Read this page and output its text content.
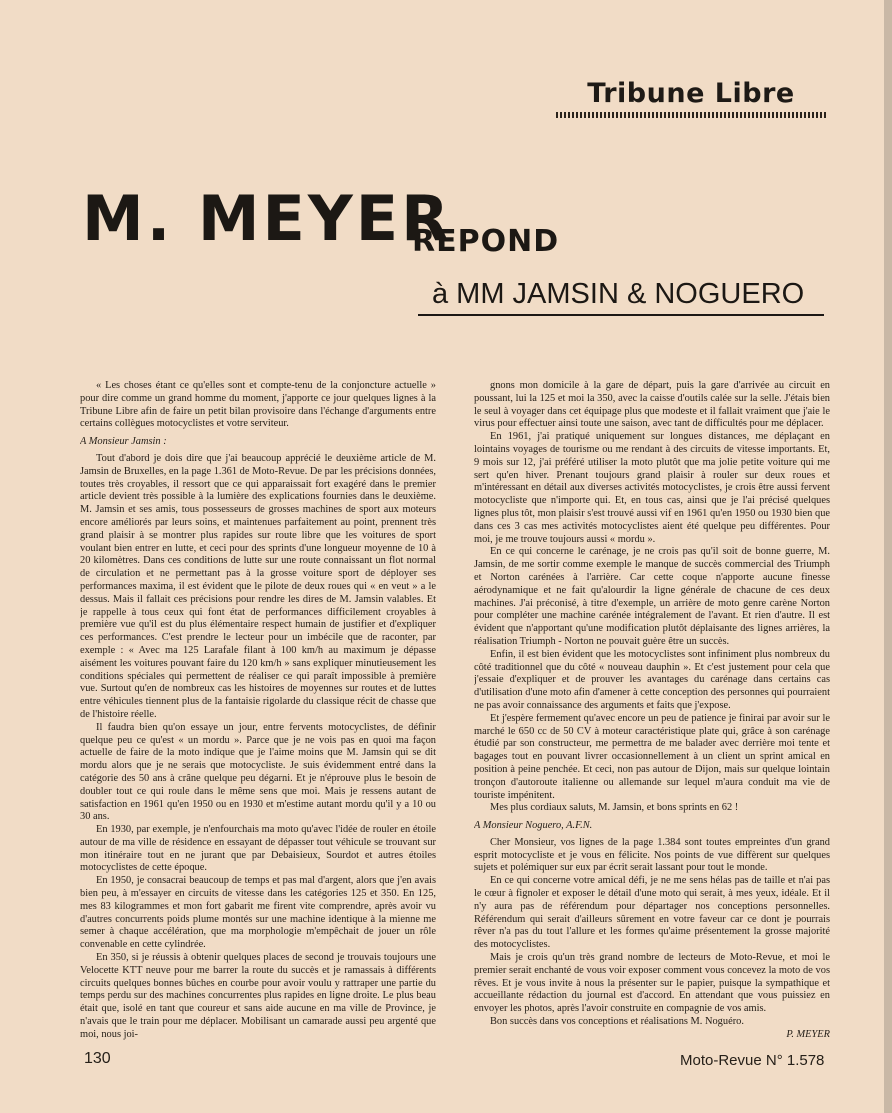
Tribune Libre
M. MEYER
REPOND
à MM JAMSIN & NOGUERO

« Les choses étant ce qu'elles sont et compte-tenu de la conjoncture actuelle » pour dire comme un grand homme du moment, j'apporte ce jour quelques lignes à la Tribune Libre afin de faire un petit bilan provisoire dans l'échange d'arguments entre certains collègues motocyclistes et votre serviteur.

A Monsieur Jamsin :

Tout d'abord je dois dire que j'ai beaucoup apprécié le deuxième article de M. Jamsin de Bruxelles, en la page 1.361 de Moto-Revue. De par les précisions données, toutes très croyables, il ressort que ce qui apparaissait fort exagéré dans le premier article devient très possible à la lumière des explications fournies dans le deuxième. M. Jamsin et ses amis, tous possesseurs de grosses machines de sport aux moteurs encore améliorés par leurs soins, et maintenues parfaitement au point, prennent très grand plaisir à se montrer plus rapides sur route libre que les voitures de sport voulant bien entrer en lutte, et ceci pour des sprints d'une longueur moyenne de 10 à 20 kilomètres. Dans ces conditions de lutte sur une route connaissant un flot normal de circulation et ne permettant pas à la grosse voiture sport de déployer ses performances maxima, il est évident que le pilote de deux roues qui « en veut » a le dessus. Mais il fallait ces précisions pour rendre les dires de M. Jamsin valables. Et je rappelle à tous ceux qui font état de performances difficilement croyables à première vue qu'il est du plus élémentaire respect humain de justifier et d'expliquer ces performances. C'est prendre le lecteur pour un imbécile que de raconter, par exemple : « Avec ma 125 Larafale filant à 100 km/h au maximum je dépasse aisément les voitures pouvant faire du 120 km/h » sans expliquer minutieusement les conditions spéciales qui permettent de réaliser ce qui paraît impossible à première vue. Surtout qu'en de nombreux cas les histoires de moyennes sur routes et de luttes entre véhicules tiennent plus de la fantaisie rigolarde du classique récit de chasse que de l'histoire réelle.

Il faudra bien qu'on essaye un jour, entre fervents motocyclistes, de définir quelque peu ce qu'est « un mordu ». Parce que je ne vois pas en quoi ma façon actuelle de faire de la moto indique que je l'aime moins que M. Jamsin qui se dit mordu alors que je ne serais que motocycliste. Je suis évidemment entré dans la catégorie des 50 ans à crâne quelque peu dégarni. Et je n'éprouve plus le besoin de doubler tout ce qui roule dans le même sens que moi. Mais je ressens autant de satisfaction en 1961 qu'en 1950 ou en 1930 et m'estime autant mordu qu'il y a 10 ou 30 ans.

En 1930, par exemple, je n'enfourchais ma moto qu'avec l'idée de rouler en étoile autour de ma ville de résidence en essayant de dépasser tout véhicule se trouvant sur mon itinéraire tout en ne jurant que par Debaisieux, Sourdot et autres étoiles motocyclistes de cette époque.

En 1950, je consacrai beaucoup de temps et pas mal d'argent, alors que j'en avais bien peu, à m'essayer en circuits de vitesse dans les catégories 125 et 350. En 125, mes 83 kilogrammes et mon fort gabarit me firent vite comprendre, après avoir vu d'autres concurrents poids plume montés sur une machine identique à la mienne me semer à chaque accélération, que ma morphologie m'empêchait de jouer un rôle convenable en cette cylindrée.

En 350, si je réussis à obtenir quelques places de second je trouvais toujours une Velocette KTT neuve pour me barrer la route du succès et je ramassais à différents circuits quelques bonnes bûches en courbe pour avoir voulu y rattraper une partie du temps perdu sur des machines concurrentes plus rapides en ligne droite. Le plus beau était que, isolé en tant que coureur et sans aide aucune en ma ville de Province, je n'avais que le train pour me déplacer. Mobilisant un camarade aussi peu argenté que moi, nous joi-

gnons mon domicile à la gare de départ, puis la gare d'arrivée au circuit en poussant, lui la 125 et moi la 350, avec la caisse d'outils calée sur la selle. J'étais bien le seul à voyager dans cet équipage plus que modeste et il fallait vraiment que j'aie le virus pour effectuer ainsi toute une saison, avec tant de difficultés pour me déplacer.

En 1961, j'ai pratiqué uniquement sur longues distances, me déplaçant en lointains voyages de tourisme ou me rendant à des circuits de vitesse importants. Et, 9 mois sur 12, j'ai préféré utiliser la moto plutôt que ma jolie petite voiture qui me sert qu'en hiver. Prenant toujours grand plaisir à rouler sur deux roues et m'intéressant en détail aux diverses activités motocyclistes, je crois être aussi fervent motocycliste que n'importe qui. Et, en tous cas, ainsi que je l'ai précisé quelques lignes plus tôt, mon plaisir s'est trouvé aussi vif en 1961 qu'en 1950 ou 1930 bien que dans ces 3 cas mes activités motocyclistes aient été quelque peu différentes. Pour moi, je me trouve toujours aussi « mordu ».

En ce qui concerne le carénage, je ne crois pas qu'il soit de bonne guerre, M. Jamsin, de me sortir comme exemple le manque de succès commercial des Triumph et Norton carénées à l'arrière. Car cette coque n'apporte aucune finesse aérodynamique et ne fait qu'alourdir la ligne générale de chacune de ces deux machines. J'ai préconisé, à titre d'exemple, un arrière de moto genre carène Norton pour compléter une machine carénée intégralement de l'avant. Et rien d'autre. Il est évident que n'apportant qu'une modification plutôt déplaisante des lignes arrières, la réalisation Triumph - Norton ne pouvait guère être un succès.

Enfin, il est bien évident que les motocyclistes sont infiniment plus nombreux du côté traditionnel que du côté « nouveau dauphin ». Et c'est justement pour cela que j'essaie d'expliquer et de prouver les avantages du carénage dans certains cas d'utilisation d'une moto afin d'amener à cette conception des personnes qui pourraient ne pas avoir connaissance des arguments et faits que j'expose.

Et j'espère fermement qu'avec encore un peu de patience je finirai par avoir sur le marché le 650 cc de 50 CV à moteur caractéristique plate qui, grâce à son carénage étudié par son constructeur, me permettra de me balader avec derrière moi tente et bagages tout en pouvant livrer occasionnellement à un client un sprint amical en position à peine penchée. Et ceci, non pas autour de Dijon, mais sur quelque lointain tronçon d'autoroute italienne ou allemande sur lequel m'aura conduit ma vie de touriste impénitent.

Mes plus cordiaux saluts, M. Jamsin, et bons sprints en 62 !

A Monsieur Noguero, A.F.N.

Cher Monsieur, vos lignes de la page 1.384 sont toutes empreintes d'un grand esprit motocycliste et je vous en félicite. Nos points de vue diffèrent sur quelques sujets et polémiquer sur eux par écrit serait lassant pour tout le monde.

En ce qui concerne votre amical défi, je ne me sens hélas pas de taille et n'ai pas le cœur à fignoler et exposer le détail d'une moto qui serait, à mes yeux, idéale. Et il n'y aura pas de référendum pour départager nos conceptions personnelles. Référendum qui serait d'ailleurs sûrement en votre faveur car ce dont je pourrais rêver n'a pas du tout l'allure et les formes qu'aime présentement la grosse majorité des motocyclistes.

Mais je crois qu'un très grand nombre de lecteurs de Moto-Revue, et moi le premier serait enchanté de vous voir exposer comment vous concevez la moto de vos rêves. Et je vous invite à nous la présenter sur le papier, puisque la sympathique et accueillante rédaction du journal est d'accord. En attendant que vous puissiez en envoyer les photos, après l'avoir construite en compagnie de vos amis.

Bon succès dans vos conceptions et réalisations M. Noguéro.

P. MEYER

130	Moto-Revue N° 1.578
